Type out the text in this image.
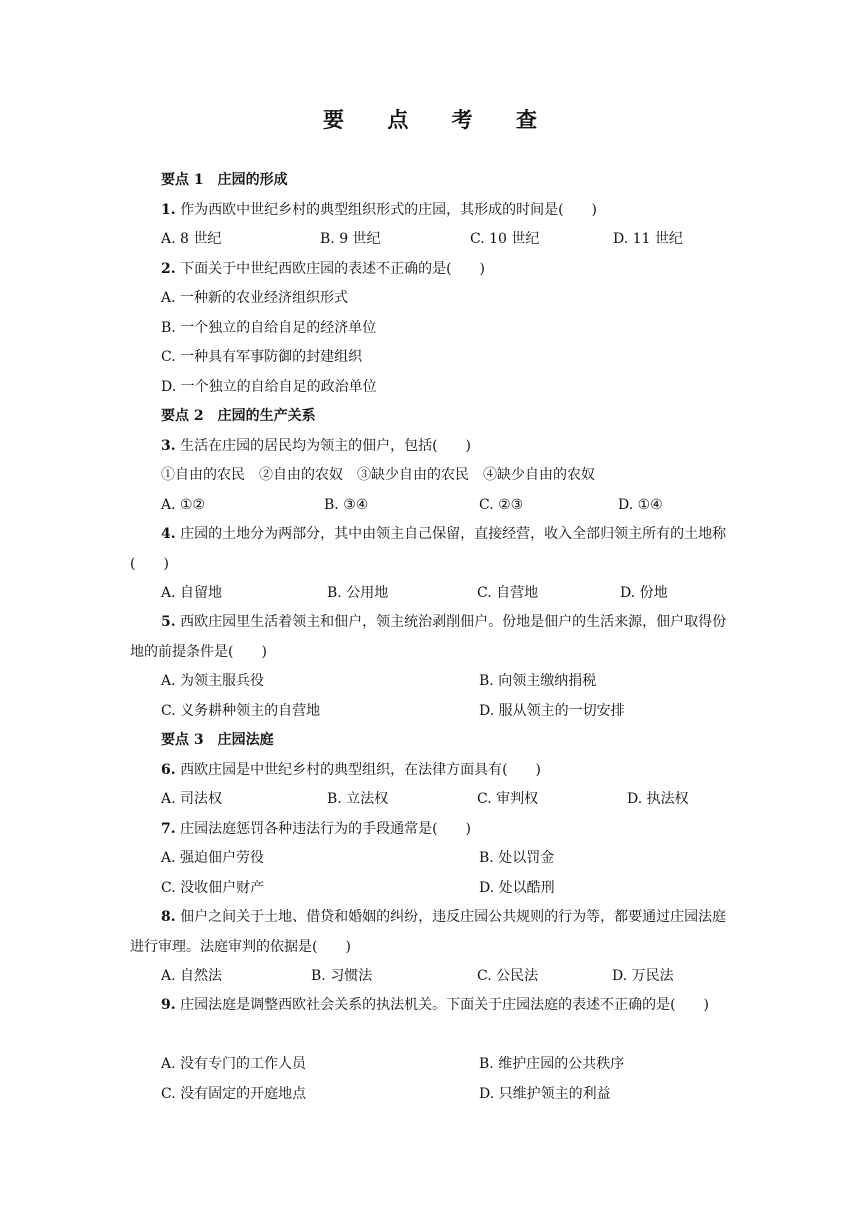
要 点 考 查
要点 1　庄园的形成
1. 作为西欧中世纪乡村的典型组织形式的庄园，其形成的时间是(　　)
A. 8 世纪	B. 9 世纪	C. 10 世纪	D. 11 世纪
2. 下面关于中世纪西欧庄园的表述不正确的是(　　)
A. 一种新的农业经济组织形式
B. 一个独立的自给自足的经济单位
C. 一种具有军事防御的封建组织
D. 一个独立的自给自足的政治单位
要点 2　庄园的生产关系
3. 生活在庄园的居民均为领主的佃户，包括(　　)
①自由的农民　②自由的农奴　③缺少自由的农民　④缺少自由的农奴
A. ①②	B. ③④	C. ②③	D. ①④
4. 庄园的土地分为两部分，其中由领主自己保留，直接经营，收入全部归领主所有的土地称(　　)
A. 自留地	B. 公用地	C. 自营地	D. 份地
5. 西欧庄园里生活着领主和佃户，领主统治剥削佃户。份地是佃户的生活来源，佃户取得份地的前提条件是(　　)
A. 为领主服兵役	B. 向领主缴纳捐税
C. 义务耕种领主的自营地	D. 服从领主的一切安排
要点 3　庄园法庭
6. 西欧庄园是中世纪乡村的典型组织，在法律方面具有(　　)
A. 司法权	B. 立法权	C. 审判权	D. 执法权
7. 庄园法庭惩罚各种违法行为的手段通常是(　　)
A. 强迫佃户劳役	B. 处以罚金
C. 没收佃户财产	D. 处以酷刑
8. 佃户之间关于土地、借贷和婚姻的纠纷，违反庄园公共规则的行为等，都要通过庄园法庭进行审理。法庭审判的依据是(　　)
A. 自然法	B. 习惯法	C. 公民法	D. 万民法
9. 庄园法庭是调整西欧社会关系的执法机关。下面关于庄园法庭的表述不正确的是(　　)
A. 没有专门的工作人员	B. 维护庄园的公共秩序
C. 没有固定的开庭地点	D. 只维护领主的利益
